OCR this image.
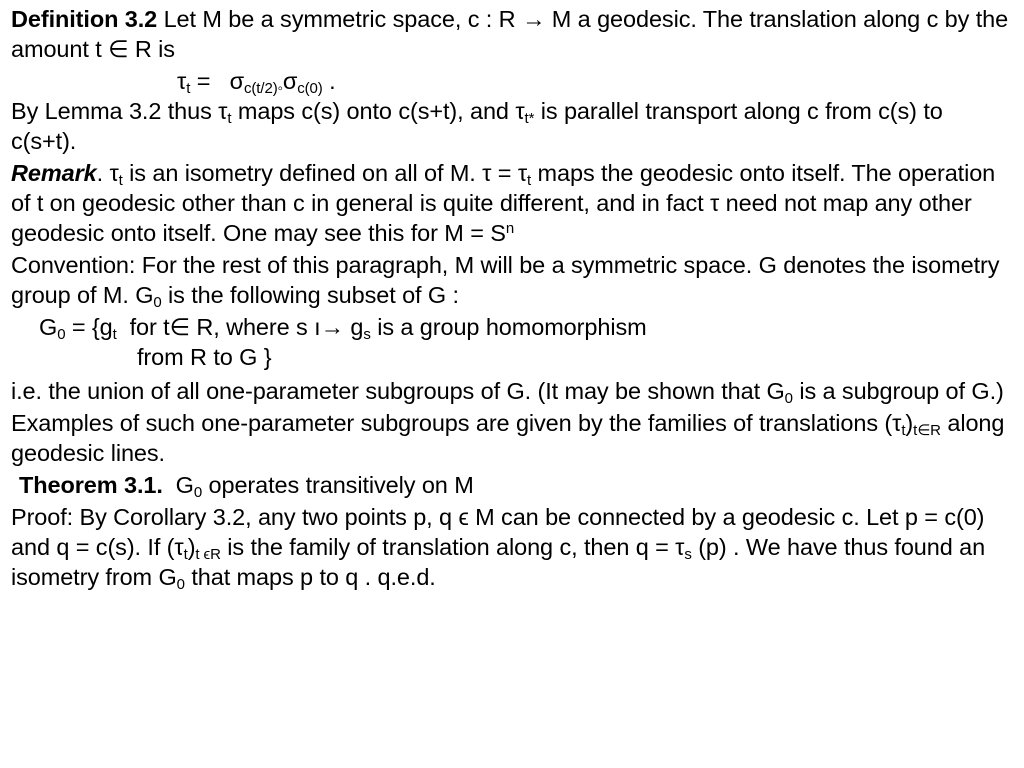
Definition 3.2 Let M be a symmetric space, c : R → M a geodesic. The translation along c by the amount t ∈ R is

$\tau_t = \sigma_{c(t/2)◦}\sigma_{c(0)}$ .

By Lemma 3.2 thus $\tau_t$ maps c(s) onto c(s+t), and $\tau_{t*}$ is parallel transport along c from c(s) to c(s+t).

Remark. $\tau_t$ is an isometry defined on all of M. $\tau = \tau_t$ maps the geodesic onto itself. The operation of t on geodesic other than c in general is quite different, and in fact τ need not map any other geodesic onto itself. One may see this for $M = S^n$

Convention: For the rest of this paragraph, M will be a symmetric space. G denotes the isometry group of M. $G_0$ is the following subset of G :

$G_0 = \{g_t$  for t∈ R, where s ı→ $g_s$ is a group homomorphism

from R to G }

i.e. the union of all one-parameter subgroups of G. (It may be shown that $G_0$ is a subgroup of G.)

Examples of such one-parameter subgroups are given by the families of translations $(\tau_t)_{t\in R}$ along geodesic lines.

Theorem 3.1.  $G_0$ operates transitively on M

Proof: By Corollary 3.2, any two points p, q ϵ M can be connected by a geodesic c. Let p = c(0) and q = c(s). If $(\tau_t)_{t \epsilon R}$ is the family of translation along c, then $q = \tau_s$ (p) . We have thus found an isometry from $G_0$ that maps p to q . q.e.d.
